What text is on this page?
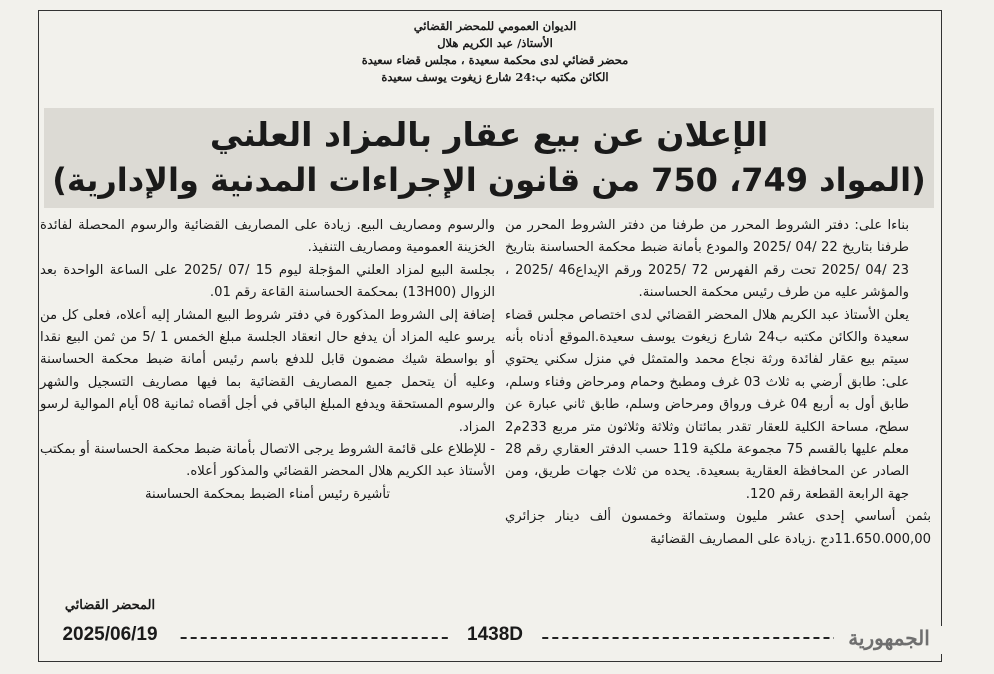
الديوان العمومي للمحضر القضائي
الأستاذ/ عبد الكريم هلال
محضر قضائي لدى محكمة سعيدة ، مجلس قضاء سعيدة
الكائن مكتبه ب:24 شارع زيغوت يوسف سعيدة
الإعلان عن بيع عقار بالمزاد العلني
(المواد 749، 750 من قانون الإجراءات المدنية والإدارية)

بناءا على: دفتر الشروط المحرر من طرفنا من دفتر الشروط المحرر من طرفنا بتاريخ 22 /04 /2025 والمودع بأمانة ضبط محكمة الحساسنة بتاريخ 23 /04 /2025 تحت رقم الفهرس 72 /2025 ورقم الإيداع46 /2025 ، والمؤشر عليه من طرف رئيس محكمة الحساسنة.

يعلن الأستاذ عبد الكريم هلال المحضر القضائي لدى اختصاص مجلس قضاء سعيدة والكائن مكتبه ب24 شارع زيغوت يوسف سعيدة.الموقع أدناه بأنه سيتم بيع عقار لفائدة ورثة نجاع محمد والمتمثل في منزل سكني يحتوي على: طابق أرضي به ثلاث 03 غرف ومطبخ وحمام ومرحاض وفناء وسلم، طابق أول به أربع 04 غرف ورواق ومرحاض وسلم، طابق ثاني عبارة عن سطح، مساحة الكلية للعقار تقدر بمائتان وثلاثة وثلاثون متر مربع 233م2 معلم عليها بالقسم 75 مجموعة ملكية 119 حسب الدفتر العقاري رقم 28 الصادر عن المحافظة العقارية بسعيدة. يحده من ثلاث جهات طريق، ومن جهة الرابعة القطعة رقم 120.

بثمن أساسي إحدى عشر مليون وستمائة وخمسون ألف دينار جزائري 11.650.000,00دج .زيادة على المصاريف القضائية

والرسوم ومصاريف البيع. زيادة على المصاريف القضائية والرسوم المحصلة لفائدة الخزينة العمومية ومصاريف التنفيذ.

بجلسة البيع لمزاد العلني المؤجلة ليوم 15 /07 /2025 على الساعة الواحدة بعد الزوال (13H00) بمحكمة الحساسنة القاعة رقم 01.

إضافة إلى الشروط المذكورة في دفتر شروط البيع المشار إليه أعلاه، فعلى كل من يرسو عليه المزاد أن يدفع حال انعقاد الجلسة مبلغ الخمس 1 /5 من ثمن البيع نقدا أو بواسطة شيك مضمون قابل للدفع باسم رئيس أمانة ضبط محكمة الحساسنة وعليه أن يتحمل جميع المصاريف القضائية بما فيها مصاريف التسجيل والشهر والرسوم المستحقة ويدفع المبلغ الباقي في أجل أقصاه ثمانية 08 أيام الموالية لرسو المزاد.

- للإطلاع على قائمة الشروط يرجى الاتصال بأمانة ضبط محكمة الحساسنة أو بمكتب الأستاذ عبد الكريم هلال المحضر القضائي والمذكور أعلاه.

تأشيرة رئيس أمناء الضبط بمحكمة الحساسنة

المحضر القضائي
2025/06/19	1438D	الجمهورية
